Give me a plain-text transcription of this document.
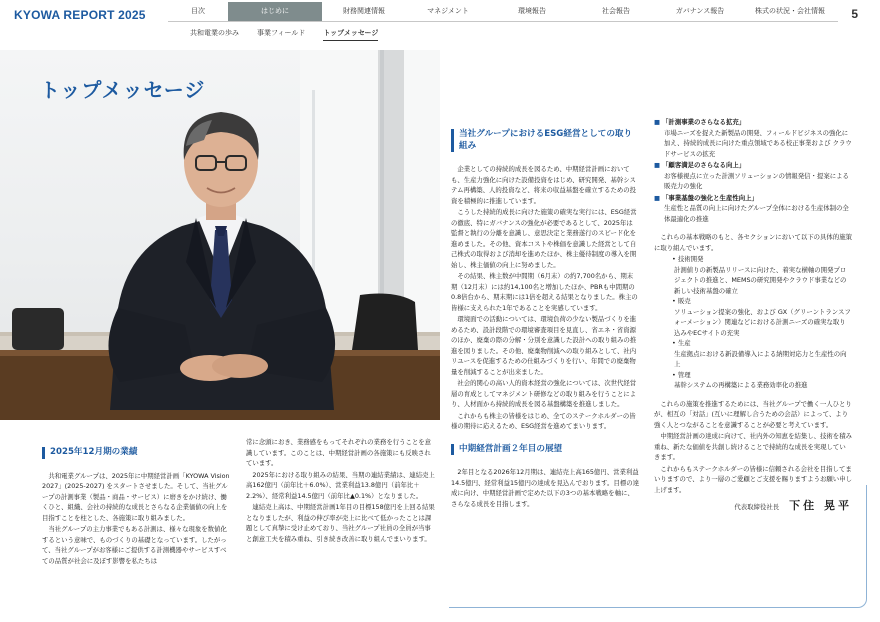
KYOWA REPORT 2025	5
目次	はじめに	財務関連情報	マネジメント	環境報告	社会報告	ガバナンス報告	株式の状況・会社情報
共和電業の歩み	事業フィールド	トップメッセージ
トップメッセージ
2025年12月期の業績

共和電業グループは、2025年に中期経営計画「KYOWA Vision 2027」(2025-2027) をスタートさせました。そして、当社グループの計測事業（製品・商品・サービス）に磨きをかけ続け、働くひと、組織、会社の持続的な成長とさらなる企業価値の向上を目指すことを柱とした、各施策に取り組みました。

当社グループの主力事業でもある計測は、様々な現象を数値化するという意味で、ものづくりの基礎となっています。したがって、当社グループがお客様にご提供する計測機器やサービスすべての品質が社会に及ぼす影響を私たちは

常に念頭におき、業務感をもってそれぞれの業務を行うことを意識しています。このことは、中期経営計画の各施策にも反映されています。

2025年における取り組みの結果、当期の連結業績は、連結売上高162億円（前年比＋6.0%）、営業利益13.8億円（前年比＋2.2%）、経常利益14.5億円（前年比▲0.1%）となりました。

連結売上高は、中期経営計画1年目の目標158億円を上回る結果となりましたが、利益の伸び率が売上に比べて低かったことは課題として真摯に受け止めており、当社グループ社員の全員が当事と創意工夫を積み重ね、引き続き改善に取り組んでまいります。

当社グループにおけるESG経営としての取り組み

企業としての持続的成長を図るため、中期経営計画においても、生産力強化に向けた設備投資をはじめ、研究開発、基幹システム再構築、人的投資など、将来の収益基盤を確立するための投資を積極的に推進しています。

こうした持続的成長に向けた施策の確実な実行には、ESG経営の徹底、特にガバナンスの強化が必要であるとして、2025年は監督と執行の分離を意識し、意思決定と業務遂行のスピード化を進めました。その他、資本コストや株価を意識した経営として自己株式の取得および消却を進めたほか、株主優待制度の導入を開始し、株主価値の向上に努めました。

その結果、株主数が中間期（6月末）の約7,700名から、期末期（12月末）には約14,100名と増加したほか、PBRも中間期の0.8倍台から、期末期には1倍を超える結果となりました。株主の皆様に支えられた1年であることを実感しています。

環境面での活動については、環境負荷の少ない製品づくりを進めるため、設計段階での環境審査項目を見直し、省エネ・省資源のほか、廃棄の際の分解・分別を意識した設計への取り組みの推進を図りました。その他、廃棄物削減への取り組みとして、社内リユースを促進するための仕組みづくりを行い、年間での廃棄物量を削減することが出来ました。

社会的関心の高い人的資本経営の強化については、次世代経営層の育成としてマネジメント研修などの取り組みを行うことにより、人材面から持続的成長を図る基盤構築を推進しました。

これからも株主の皆様をはじめ、全てのステークホルダーの皆様の期待に応えるため、ESG経営を進めてまいります。

中期経営計画２年目の展望

2年目となる2026年12月期は、連結売上高165億円、営業利益14.5億円、経常利益15億円の達成を見込んでおります。目標の達成に向け、中期経営計画で定めた以下の3つの基本戦略を軸に、さらなる成長を目指します。

■ 「計測事業のさらなる拡充」
市場ニーズを捉えた新製品の開発、フィールドビジネスの強化に加え、持続的成長に向けた重点領域である校正事業および クラウドサービスの拡充
■ 「顧客満足のさらなる向上」
お客様視点に立った計測ソリューションの情報発信・提案による販売力の強化
■ 「事業基盤の強化と生産性向上」
生産性と品質の向上に向けたグループ全体における生産体制の全体最適化の推進

これらの基本戦略のもと、各セクションにおいて以下の具体的施策に取り組んでいます。

• 技術開発
計測値りの新製品リリースに向けた、着実な横軸の開発プロジェクトの推進と、MEMSの研究開発やクラウド事業などの新しい技術基盤の確立
• 販売
ソリューション提案の強化、および GX（グリーントランスフォーメーション）関連などにおける計測ニーズの確実な取り込みやECサイトの充実
• 生産
生産拠点における新設備導入による納期対応力と生産性の向上
• 管理
基幹システムの再構築による業務効率化の推進

これらの施策を推進するためには、当社グループで働く一人ひとりが、相互の「対話」(互いに理解し合うための会話）によって、より強く人とつながることを意識することが必要と考えています。

中期経営計画の達成に向けて、社内外の知恵を結集し、技術を積み重ね、新たな価値を共創し続けることで持続的な成長を実現していきます。

これからもステークホルダーの皆様に信頼される会社を目指してまいりますので、より一層のご愛顧とご支援を賜りますようお願い申し上げます。

代表取締役社長 下住 晃平
